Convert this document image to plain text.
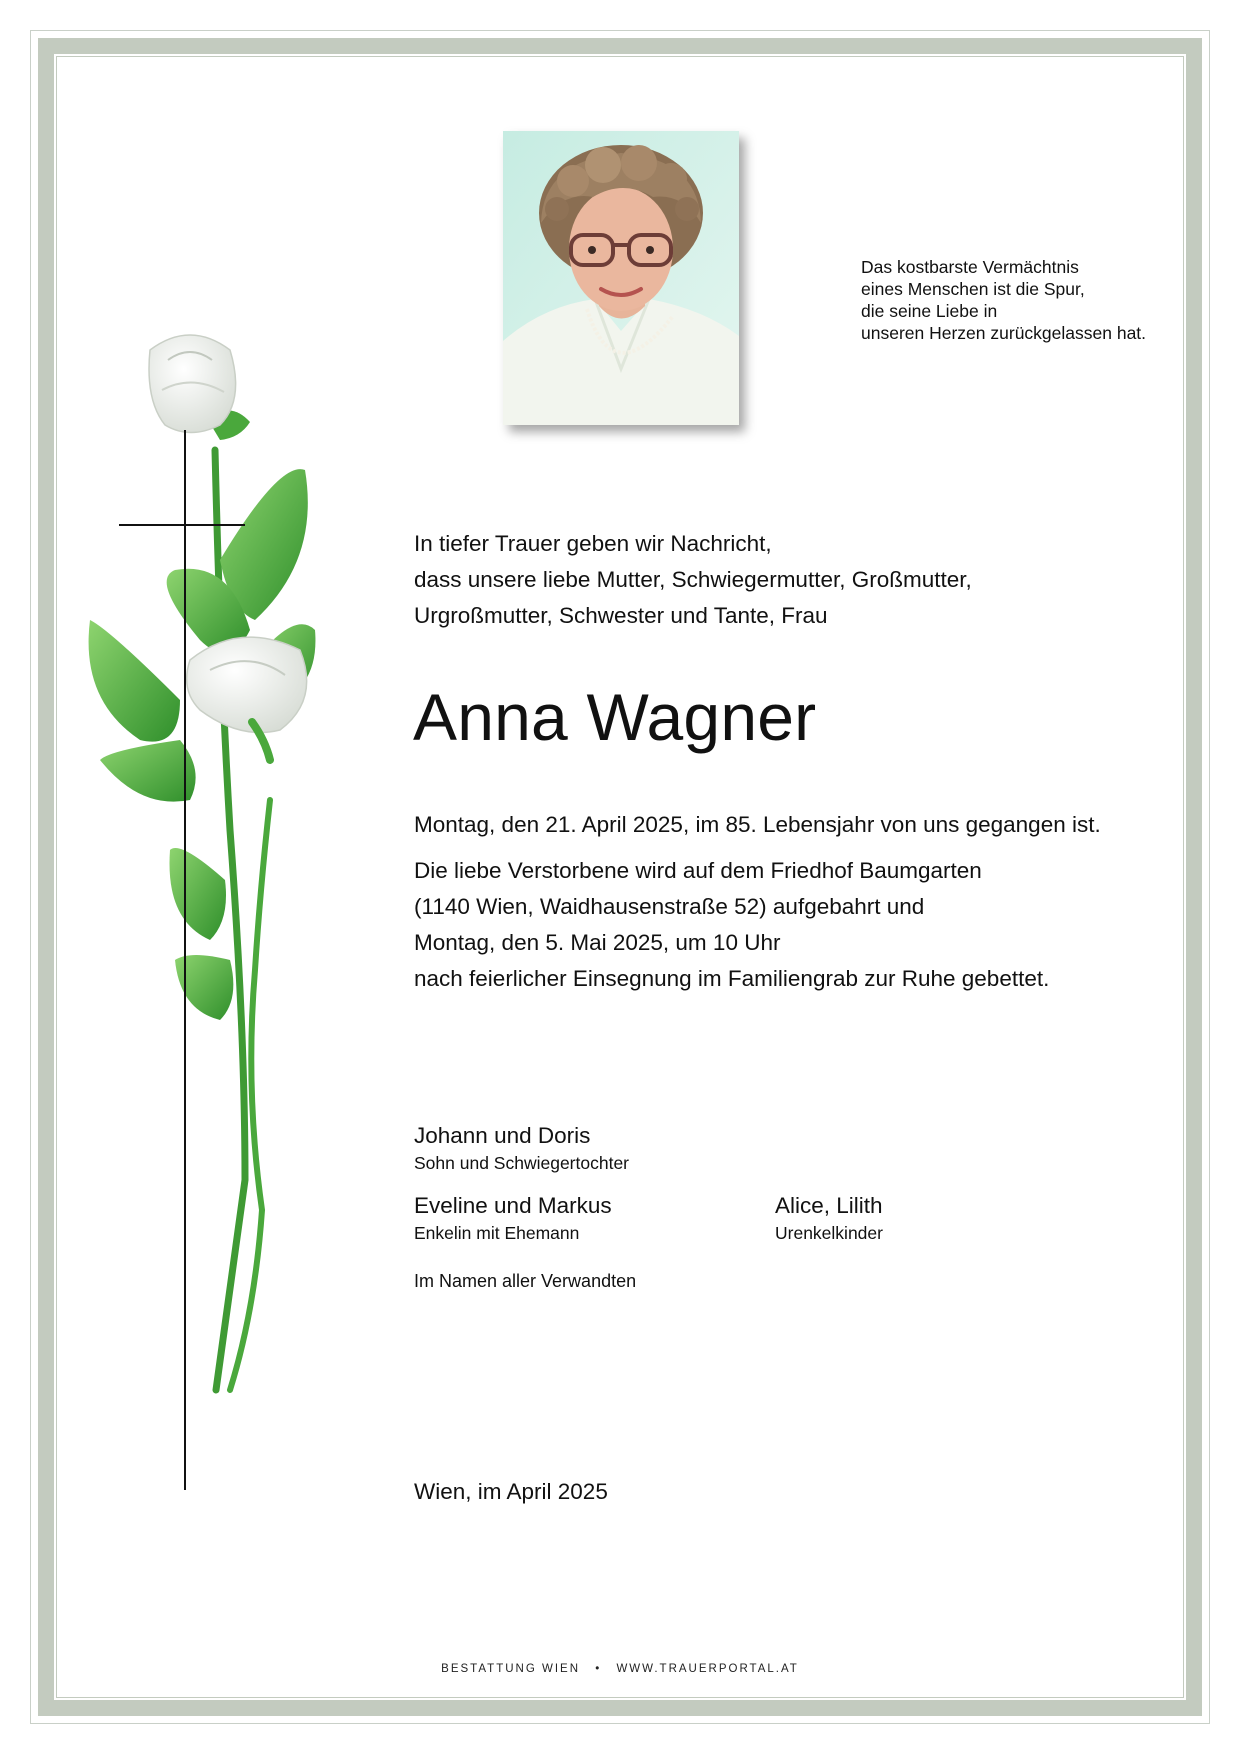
Das kostbarste Vermächtnis
eines Menschen ist die Spur,
die seine Liebe in
unseren Herzen zurückgelassen hat.
In tiefer Trauer geben wir Nachricht,
dass unsere liebe Mutter, Schwiegermutter, Großmutter,
Urgroßmutter, Schwester und Tante, Frau
Anna Wagner
Montag, den 21. April 2025, im 85. Lebensjahr von uns gegangen ist.
Die liebe Verstorbene wird auf dem Friedhof Baumgarten
(1140 Wien, Waidhausenstraße 52) aufgebahrt und
Montag, den 5. Mai 2025, um 10 Uhr
nach feierlicher Einsegnung im Familiengrab zur Ruhe gebettet.
Johann und Doris
Sohn und Schwiegertochter
Eveline und Markus
Enkelin mit Ehemann
Alice, Lilith
Urenkelkinder
Im Namen aller Verwandten
Wien, im April 2025
BESTATTUNG WIEN • WWW.TRAUERPORTAL.AT
